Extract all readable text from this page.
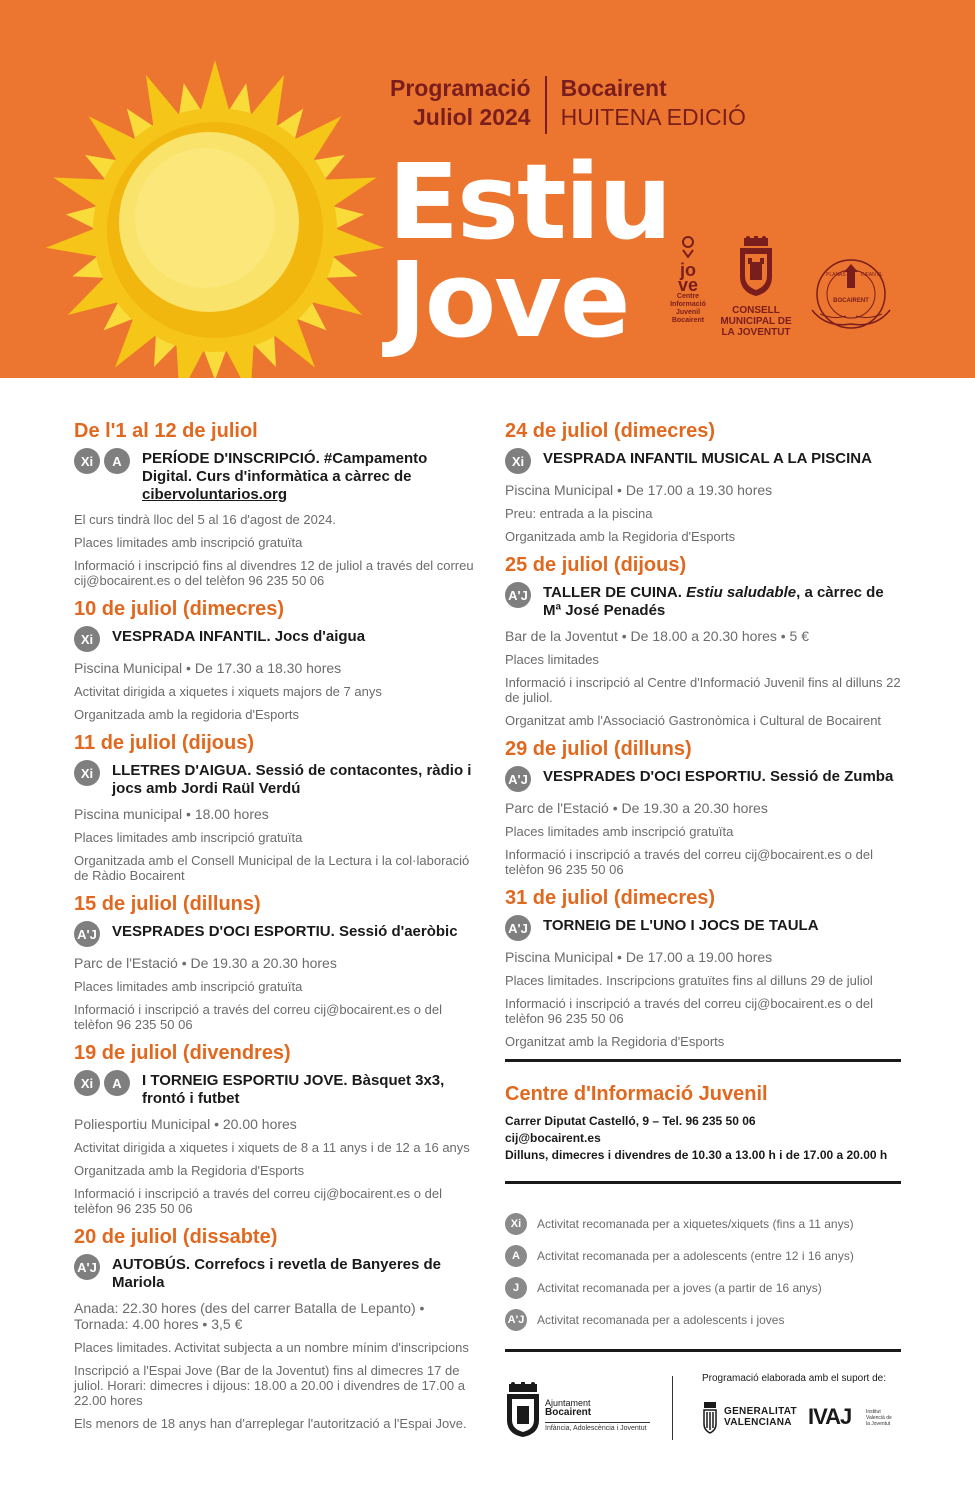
Programació
Juliol 2024
Bocairent
HUITENA EDICIÓ
Estiu
Jove	jo
ve
Centre
Informació
Juvenil
Bocairent
CONSELL
MUNICIPAL DE
LA JOVENTUT
PLANAS	INFANTIL
BOCAIRENT
De l'1 al 12 de juliol
Xi	A	PERÍODE D'INSCRIPCIÓ. #Campamento Digital. Curs d'informàtica a càrrec de cibervoluntarios.org
El curs tindrà lloc del 5 al 16 d'agost de 2024.
Places limitades amb inscripció gratuïta
Informació i inscripció fins al divendres 12 de juliol a través del correu cij@bocairent.es o del telèfon 96 235 50 06
10 de juliol (dimecres)
Xi	VESPRADA INFANTIL. Jocs d'aigua
Piscina Municipal • De 17.30 a 18.30 hores
Activitat dirigida a xiquetes i xiquets majors de 7 anys
Organitzada amb la regidoria d'Esports
11 de juliol (dijous)
Xi	LLETRES D'AIGUA. Sessió de contacontes, ràdio i jocs amb Jordi Raül Verdú
Piscina municipal • 18.00 hores
Places limitades amb inscripció gratuïta
Organitzada amb el Consell Municipal de la Lectura i la col·laboració de Ràdio Bocairent
15 de juliol (dilluns)
A'J VESPRADES D'OCI ESPORTIU. Sessió d'aeròbic
Parc de l'Estació • De 19.30 a 20.30 hores
Places limitades amb inscripció gratuïta
Informació i inscripció a través del correu cij@bocairent.es o del telèfon 96 235 50 06
19 de juliol (divendres)
Xi	A	I TORNEIG ESPORTIU JOVE. Bàsquet 3x3, frontó i futbet
Poliesportiu Municipal • 20.00 hores
Activitat dirigida a xiquetes i xiquets de 8 a 11 anys i de 12 a 16 anys
Organitzada amb la Regidoria d'Esports
Informació i inscripció a través del correu cij@bocairent.es o del telèfon 96 235 50 06
20 de juliol (dissabte)
A'J AUTOBÚS. Correfocs i revetla de Banyeres de Mariola
Anada: 22.30 hores (des del carrer Batalla de Lepanto) • Tornada: 4.00 hores • 3,5 €
Places limitades. Activitat subjecta a un nombre mínim d'inscripcions
Inscripció a l'Espai Jove (Bar de la Joventut) fins al dimecres 17 de juliol. Horari: dimecres i dijous: 18.00 a 20.00 i divendres de 17.00 a 22.00 hores
Els menors de 18 anys han d'arreplegar l'autorització a l'Espai Jove.
24 de juliol (dimecres)
Xi	VESPRADA INFANTIL MUSICAL A LA PISCINA
Piscina Municipal • De 17.00 a 19.30 hores
Preu: entrada a la piscina
Organitzada amb la Regidoria d'Esports
25 de juliol (dijous)
A'J TALLER DE CUINA. Estiu saludable, a càrrec de Mª José Penadés
Bar de la Joventut • De 18.00 a 20.30 hores • 5 €
Places limitades
Informació i inscripció al Centre d'Informació Juvenil fins al dilluns 22 de juliol.
Organitzat amb l'Associació Gastronòmica i Cultural de Bocairent
29 de juliol (dilluns)
A'J VESPRADES D'OCI ESPORTIU. Sessió de Zumba
Parc de l'Estació • De 19.30 a 20.30 hores
Places limitades amb inscripció gratuïta
Informació i inscripció a través del correu cij@bocairent.es o del telèfon 96 235 50 06
31 de juliol (dimecres)
A'J TORNEIG DE L'UNO I JOCS DE TAULA
Piscina Municipal • De 17.00 a 19.00 hores
Places limitades. Inscripcions gratuïtes fins al dilluns 29 de juliol
Informació i inscripció a través del correu cij@bocairent.es o del telèfon 96 235 50 06
Organitzat amb la Regidoria d'Esports
Centre d'Informació Juvenil
Carrer Diputat Castelló, 9 – Tel. 96 235 50 06
cij@bocairent.es
Dilluns, dimecres i divendres de 10.30 a 13.00 h i de 17.00 a 20.00 h
Xi	Activitat recomanada per a xiquetes/xiquets (fins a 11 anys)
A	Activitat recomanada per a adolescents (entre 12 i 16 anys)
J	Activitat recomanada per a joves (a partir de 16 anys)
A'J Activitat recomanada per a adolescents i joves
Ajuntament
Bocairent
Infància, Adolescència i Joventut
Programació elaborada amb el suport de:
GENERALITAT
VALENCIANA IVAJ	Institut Valencià de la Joventut
